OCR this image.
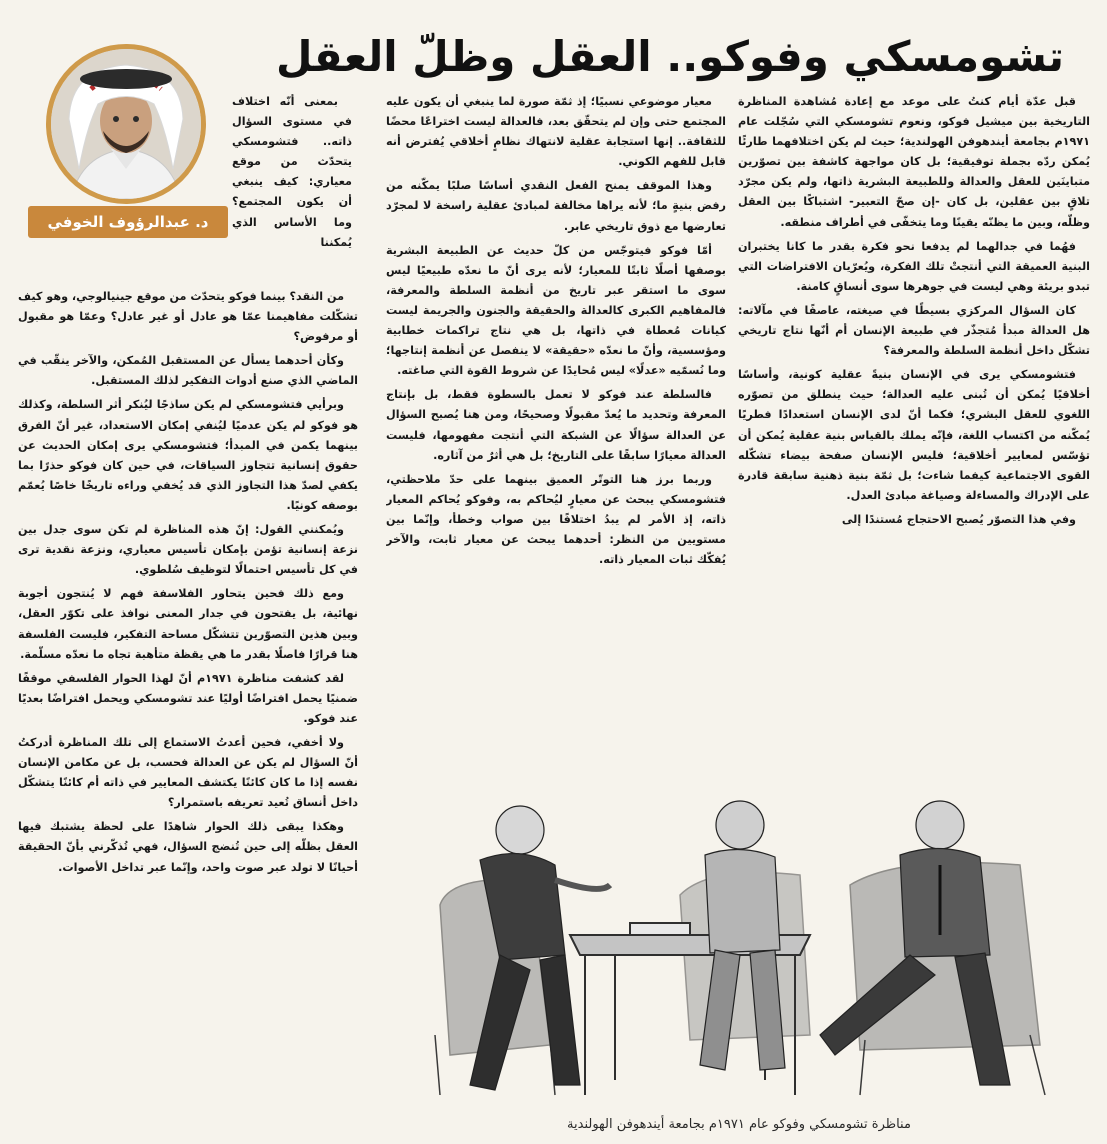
تشومسكي وفوكو.. العقل وظلّ العقل
د. عبدالرؤوف الخوفي

قبل عدّة أيام كنتُ على موعد مع إعادة مُشاهدة المناظرة التاريخية بين ميشيل فوكو، ونعوم تشومسكي التي سُجّلت عام ١٩٧١م بجامعة أيندهوفن الهولندية؛ حيث لم يكن اختلافهما طارئًا يُمكن ردّه بجملة توفيقية؛ بل كان مواجهة كاشفة بين تصوّرين متباينَين للعقل والعدالة وللطبيعة البشرية ذاتها، ولم يكن مجرّد تلاقٍ بين عقلين، بل كان -إن صحّ التعبير- اشتباكًا بين العقل وظلّه، وبين ما يظنّه يقينًا وما يتخفّى في أطراف منطقه.

فهُما في جدالهما لم يدفعا نحو فكرة بقدر ما كانا يختبران البنية العميقة التي أنتجتْ تلك الفكرة، ويُعرّيان الافتراضات التي تبدو بريئة وهي ليست في جوهرها سوى أنساقٍ كامنة.

كان السؤال المركزي بسيطًا في صيغته، عاصفًا في مآلاته: هل العدالة مبدأ مُتجذّر في طبيعة الإنسان أم أنّها نتاج تاريخي تشكّل داخل أنظمة السلطة والمعرفة؟

فتشومسكي يرى في الإنسان بنيةً عقلية كونية، وأساسًا أخلاقيًا يُمكن أن تُبنى عليه العدالة؛ حيث ينطلق من تصوّره اللغوي للعقل البشري؛ فكما أنّ لدى الإنسان استعدادًا فطريًا يُمكّنه من اكتساب اللغة، فإنّه يملك بالقياس بنية عقلية يُمكن أن تؤسّس لمعايير أخلاقية؛ فليس الإنسان صفحة بيضاء تشكّله القوى الاجتماعية كيفما شاءت؛ بل ثمّة بنية ذهنية سابقة قادرة على الإدراك والمساءلة وصياغة مبادئ العدل.

وفي هذا التصوّر يُصبح الاحتجاج مُستندًا إلى

معيار موضوعي نسبيًا؛ إذ ثمّة صورة لما ينبغي أن يكون عليه المجتمع حتى وإن لم يتحقّق بعد، فالعدالة ليست اختراعًا محضًا للثقافة.. إنها استجابة عقلية لانتهاك نظامٍ أخلاقي يُفترض أنه قابل للفهم الكوني.

وهذا الموقف يمنح الفعل النقدي أساسًا صلبًا يمكّنه من رفض بنيةٍ ما؛ لأنه يراها مخالفة لمبادئ عقلية راسخة لا لمجرّد تعارضها مع ذوق تاريخي عابر.

أمّا فوكو فيتوجّس من كلّ حديث عن الطبيعة البشرية بوصفها أصلًا ثابتًا للمعيار؛ لأنه يرى أنّ ما نعدّه طبيعيًا ليس سوى ما استقر عبر تاريخ من أنظمة السلطة والمعرفة، فالمفاهيم الكبرى كالعدالة والحقيقة والجنون والجريمة ليست كيانات مُعطاة في ذاتها، بل هي نتاج تراكمات خطابية ومؤسسية، وأنّ ما نعدّه «حقيقة» لا ينفصل عن أنظمة إنتاجها؛ وما نُسمّيه «عدلًا» ليس مُحايدًا عن شروط القوة التي صاغته.

فالسلطة عند فوكو لا تعمل بالسطوة فقط، بل بإنتاج المعرفة وتحديد ما يُعدّ مقبولًا وصحيحًا، ومن هنا يُصبح السؤال عن العدالة سؤالًا عن الشبكة التي أنتجت مفهومها، فليست العدالة معيارًا سابقًا على التاريخ؛ بل هي أثرٌ من آثاره.

وربما برز هنا التوتّر العميق بينهما على حدّ ملاحظتي، فتشومسكي يبحث عن معيارٍ ليُحاكم به، وفوكو يُحاكم المعيار ذاته، إذ الأمر لم يبدُ اختلافًا بين صواب وخطأ، وإنّما بين مستويين من النظر: أحدهما يبحث عن معيار ثابت، والآخر يُفكّك ثبات المعيار ذاته.

بمعنى أنّه اختلاف في مستوى السؤال ذاته.. فتشومسكي يتحدّث من موقع معياري: كيف ينبغي أن يكون المجتمع؟ وما الأساس الذي يُمكننا

من النقد؟ بينما فوكو يتحدّث من موقع جينيالوجي، وهو كيف تشكّلت مفاهيمنا عمّا هو عادل أو غير عادل؟ وعمّا هو مقبول أو مرفوض؟

وكأن أحدهما يسأل عن المستقبل المُمكن، والآخر ينقّب في الماضي الذي صنع أدوات التفكير لذلك المستقبل.

وبرأيي فتشومسكي لم يكن ساذجًا ليُنكر أثر السلطة، وكذلك هو فوكو لم يكن عدميًا ليُنفي إمكان الاستعداد، غير أنّ الفرق بينهما يكمن في المبدأ؛ فتشومسكي يرى إمكان الحديث عن حقوق إنسانية تتجاوز السياقات، في حين كان فوكو حذرًا بما يكفي لصدّ هذا التجاوز الذي قد يُخفي وراءه تاريخًا خاصًا يُعمّم بوصفه كونيًا.

ويُمكنني القول: إنّ هذه المناظرة لم تكن سوى جدل بين نزعة إنسانية تؤمن بإمكان تأسيس معياري، ونزعة نقدية ترى في كل تأسيس احتمالًا لتوظيف سُلطوي.

ومع ذلك فحين يتحاور الفلاسفة فهم لا يُنتجون أجوبة نهائية، بل يفتحون في جدار المعنى نوافذ على تكوّر العقل، وبين هذين التصوّرين تتشكّل مساحة التفكير، فليست الفلسفة هنا قرارًا فاصلًا بقدر ما هي يقظة متأهبة تجاه ما نعدّه مسلّمة.

لقد كشفت مناظرة ١٩٧١م أنّ لهذا الحوار الفلسفي موقفًا ضمنيًا يحمل افتراضًا أوليًا عند تشومسكي ويحمل افتراضًا بعديًا عند فوكو.

ولا أخفي، فحين أعدتُ الاستماع إلى تلك المناظرة أدركتُ أنّ السؤال لم يكن عن العدالة فحسب، بل عن مكامن الإنسان نفسه إذا ما كان كائنًا يكتشف المعايير في ذاته أم كائنًا يتشكّل داخل أنساق تُعيد تعريفه باستمرار؟

وهكذا يبقى ذلك الحوار شاهدًا على لحظة يشتبك فيها العقل بظلّه إلى حين تُنضج السؤال، فهي تُذكّرني بأنّ الحقيقة أحيانًا لا تولد عبر صوت واحد، وإنّما عبر تداخل الأصوات.

مناظرة تشومسكي وفوكو عام ١٩٧١م بجامعة أيندهوفن الهولندية
